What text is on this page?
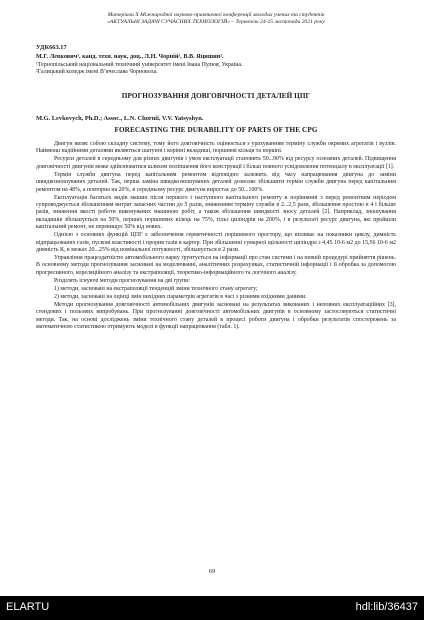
Матеріали X Міжнародної науково-практичної конференції молодих учених та студентів
«АКТУАЛЬНІ ЗАДАЧІ СУЧАСНИХ ТЕХНОЛОГІЙ» – Тернопіль 24-25 листопада 2021 року
УДК663.17
М.Г. Левкович¹, канд. техн. наук, доц., Л.Н. Чорній², В.В. Яцишин².
¹Тернопільський національний технічний університет імені Івана Пулюя, Україна.
²Галицький коледж імені В’ячеслава Чорновола.
ПРОГНОЗУВАННЯ ДОВГОВІЧНОСТІ ДЕТАЛЕЙ ЦПГ
M.G. Levkovych, Ph.D.; Assoc., L.N. Chornii, V.V. Yatsyshyn.
FORECASTING THE DURABILITY OF PARTS OF THE CPG

Двигун являє собою складну систему, тому його довговічність оцінюється з урахуванням терміну служби окремих агрегатів і вузлів. Найменш надійними деталями являються шатунні і корінні вкладиші, поршневі кільця та поршні.

Ресурси деталей в середньому для різних двигунів і умов експлуатації становить 50...90% від ресурсу основних деталей. Підвищення довговічності двигунів може здійснюватися шляхом поліпшення його конструкції і більш повного усвідомлення потенціалу в експлуатації [1].

Термін служби двигуна перед капітальним ремонтом відповідно залежить від часу напрацювання двигуна до заміни швидкозношуваних деталей. Так, перша заміна швидкозношуваних деталей дозволяє збільшити термін служби двигуна перед капітальним ремонтом на 48%, а повторна на 20%, в середньому ресурс двигуна виростає до 50...100%.

Експлуатація багатьох видів машин після першого і наступного капітального ремонту в порівнянні з перед ремонтним періодом супроводжується збільшенням витрат запасних частин до 5 разів, зниженням терміну служби в 2...2,5 рази, збільшення простою в 4 і більше разів, зниження якості роботи виконуваних машиною робіт, а також збільшення швидкості зносу деталей [2]. Наприклад, зношування вкладишів збільшується на 50%, перших поршневих кілець на 75%, гільз циліндрів на 200%, і в результаті ресурс двигуна, які пройшли капітальний ремонт, не перевищує 50% від нових.

Однією з основних функцій ЦПГ є забезпечення герметичності поршневого простору, що впливає на показники циклу, димність відпрацьованих газів, пускові властивості і прорив газів в картер. При збільшенні сумарної щільності циліндра з 4,45 10-6 м2 до 15,56 10-6 м2 димність К, в межах 20...25% від номінальної потужності, збільшується в 2 рази.

Управління працездатністю автомобільного парку ґрунтується на інформації про стан системи і на певній процедурі прийняття рішень. В основному методи прогнозування засновані на моделюванні, аналітичних розрахунках, статистичній інформації і її обробка за допомогою прогресивного, кореляційного аналізу та екстраполяції, теоретико-інформаційного та логічного аналізу.

Розділять існуючі методи прогнозування на дві групи:

1) методи, засновані на екстраполяції тенденцій зміни технічного стану агрегату;

2) методи, засновані на оцінці змін вихідних параметрів агрегатів в часі з різними вхідними даними.

Методи прогнозування довговічності автомобільних двигунів засновані на результатах виконаних і неповних експлуатаційних [3], стендових і польових випробувань. При прогнозуванні довговічності автомобільних двигунів в основному застосовуються статистичні методи. Так, на основі досліджень зміни технічного стану деталей в процесі роботи двигуна і обробки результатів спостережень за математичною статистикою отримують моделі в функції напрацювання (табл. 1).

69
ELARTU	hdl:lib/36437
